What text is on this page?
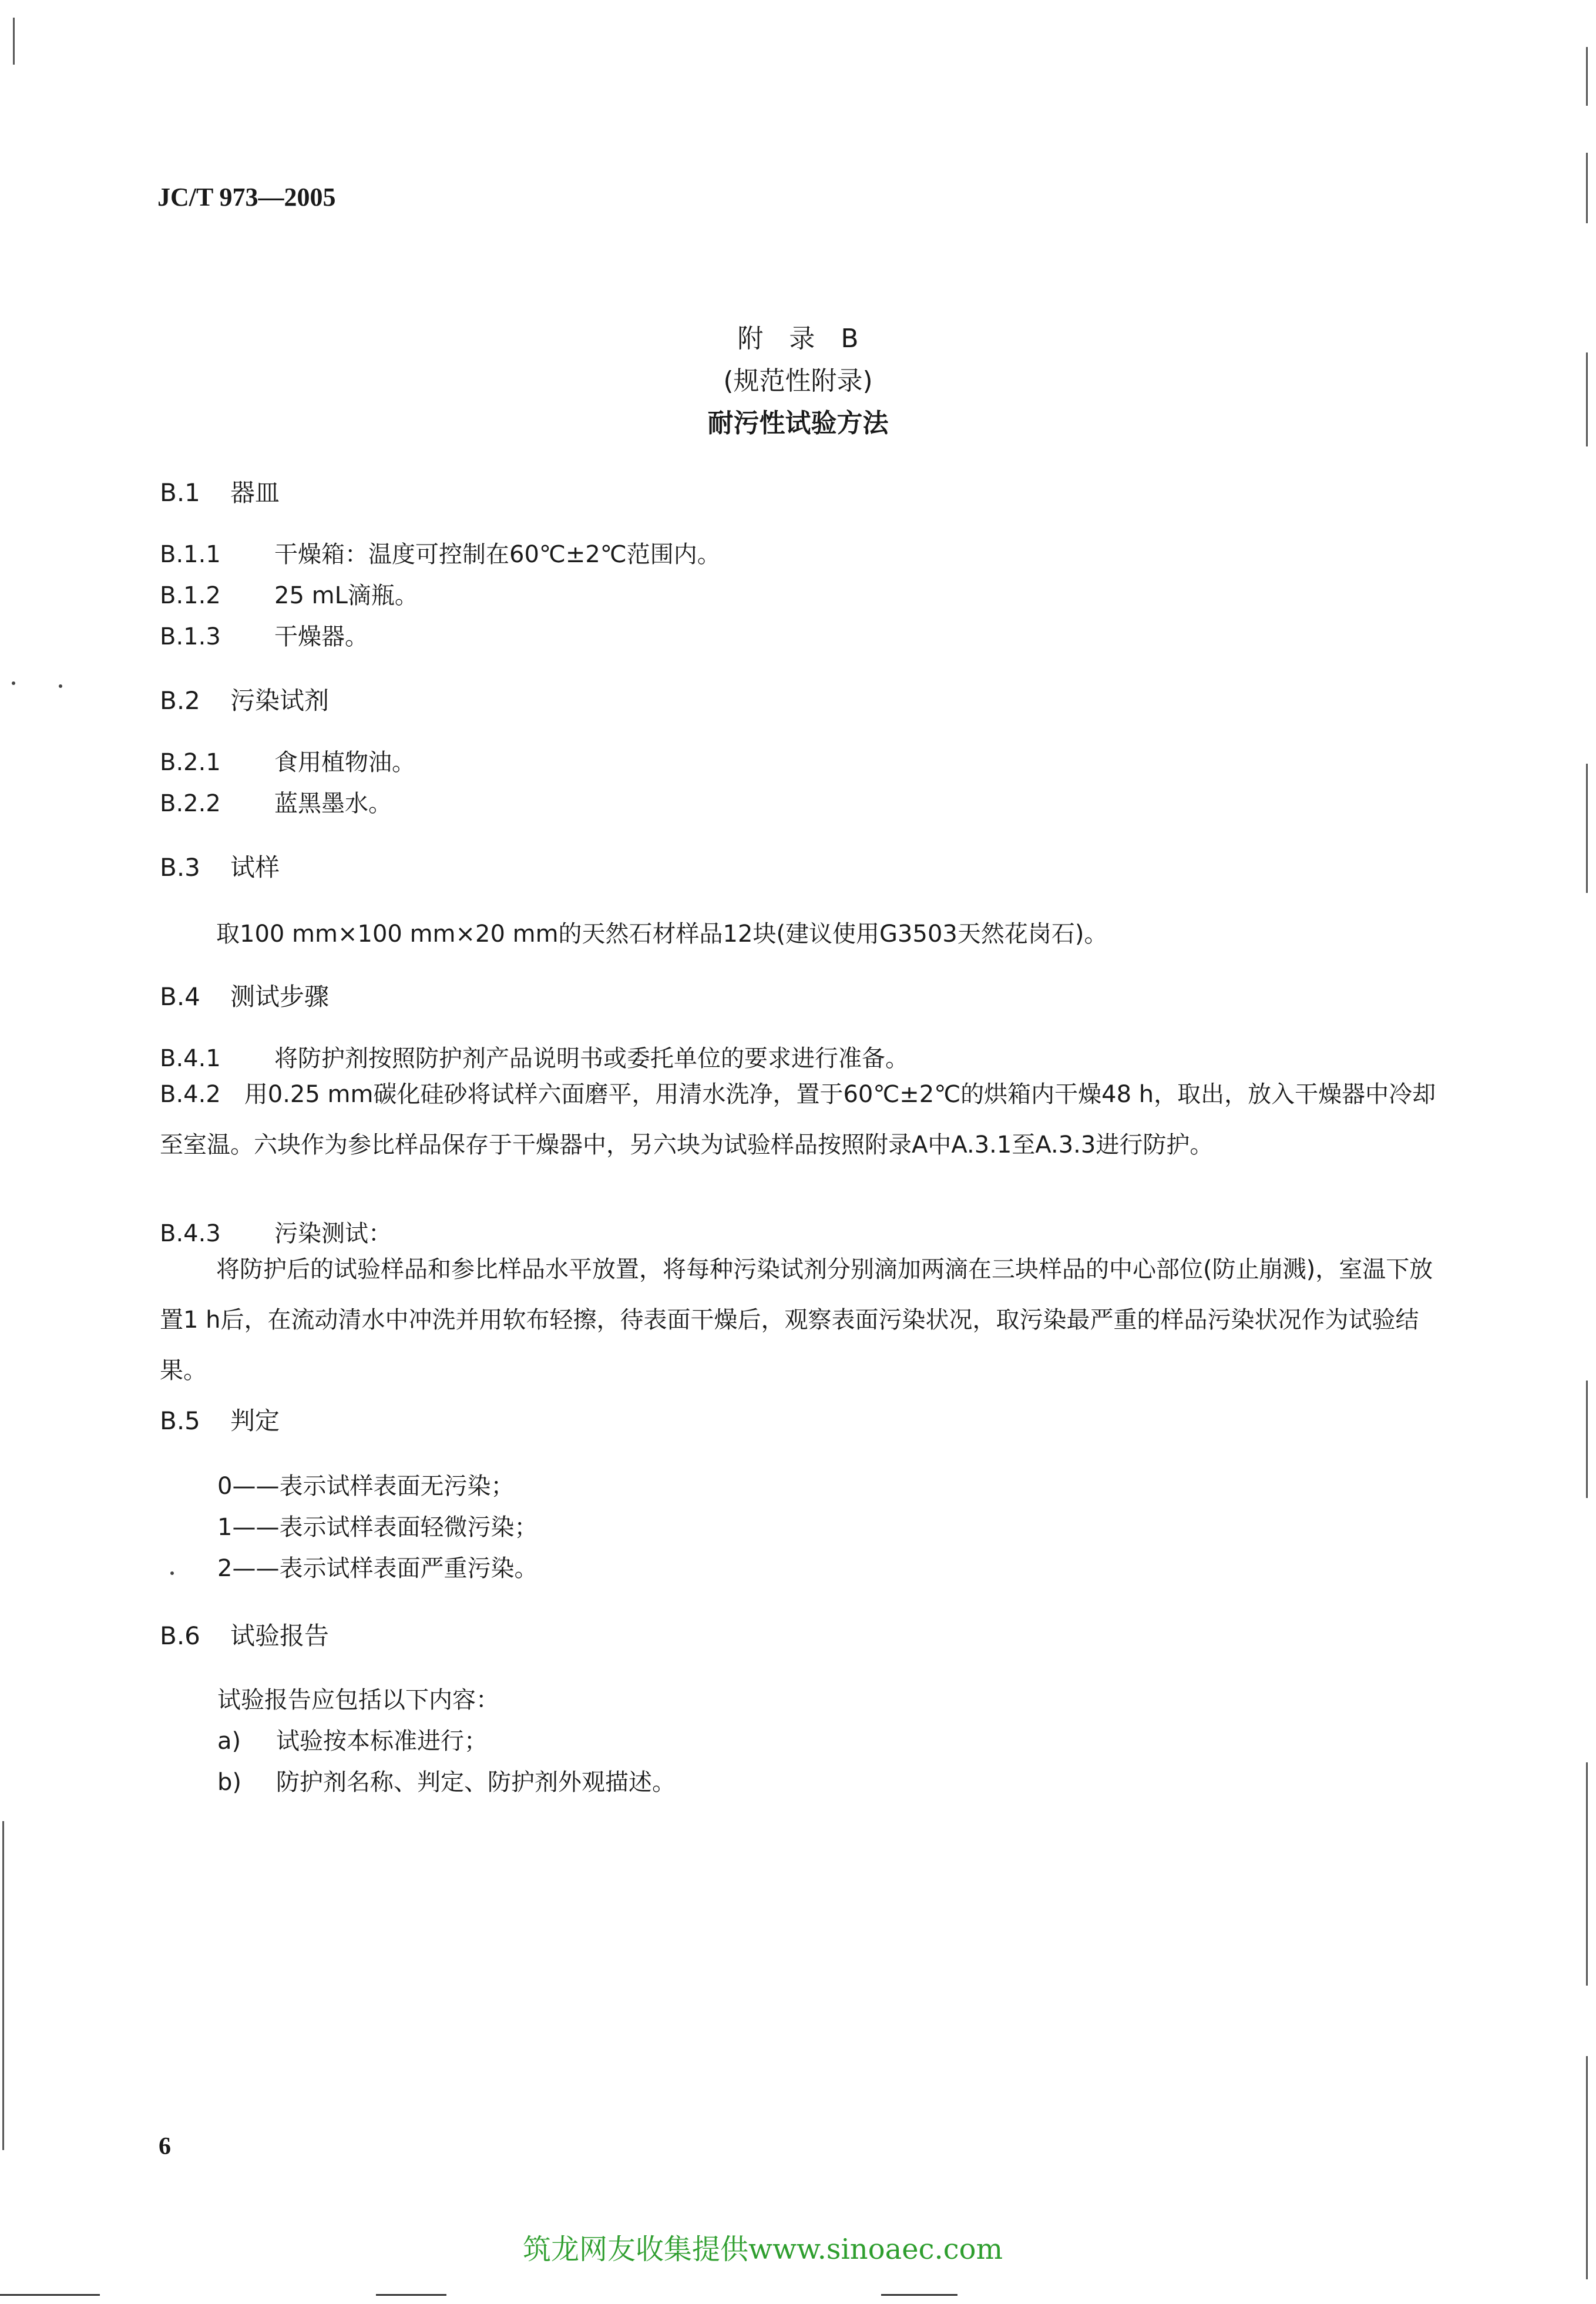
JC/T 973—2005
附　录　B
(规范性附录)
耐污性试验方法
B.1 器皿
B.1.1 干燥箱：温度可控制在60℃±2℃范围内。
B.1.2 25 mL滴瓶。
B.1.3 干燥器。
B.2 污染试剂
B.2.1 食用植物油。
B.2.2 蓝黑墨水。
B.3 试样
取100 mm×100 mm×20 mm的天然石材样品12块(建议使用G3503天然花岗石)。
B.4 测试步骤
B.4.1 将防护剂按照防护剂产品说明书或委托单位的要求进行准备。
B.4.2　用0.25 mm碳化硅砂将试样六面磨平，用清水洗净，置于60℃±2℃的烘箱内干燥48 h，取出，放入干燥器中冷却至室温。六块作为参比样品保存于干燥器中，另六块为试验样品按照附录A中A.3.1至A.3.3进行防护。
B.4.3 污染测试：
将防护后的试验样品和参比样品水平放置，将每种污染试剂分别滴加两滴在三块样品的中心部位(防止崩溅)，室温下放置1 h后，在流动清水中冲洗并用软布轻擦，待表面干燥后，观察表面污染状况，取污染最严重的样品污染状况作为试验结果。
B.5 判定
0——表示试样表面无污染；
1——表示试样表面轻微污染；
2——表示试样表面严重污染。
B.6 试验报告
试验报告应包括以下内容：
a) 试验按本标准进行；
b) 防护剂名称、判定、防护剂外观描述。
6
筑龙网友收集提供www.sinoaec.com
